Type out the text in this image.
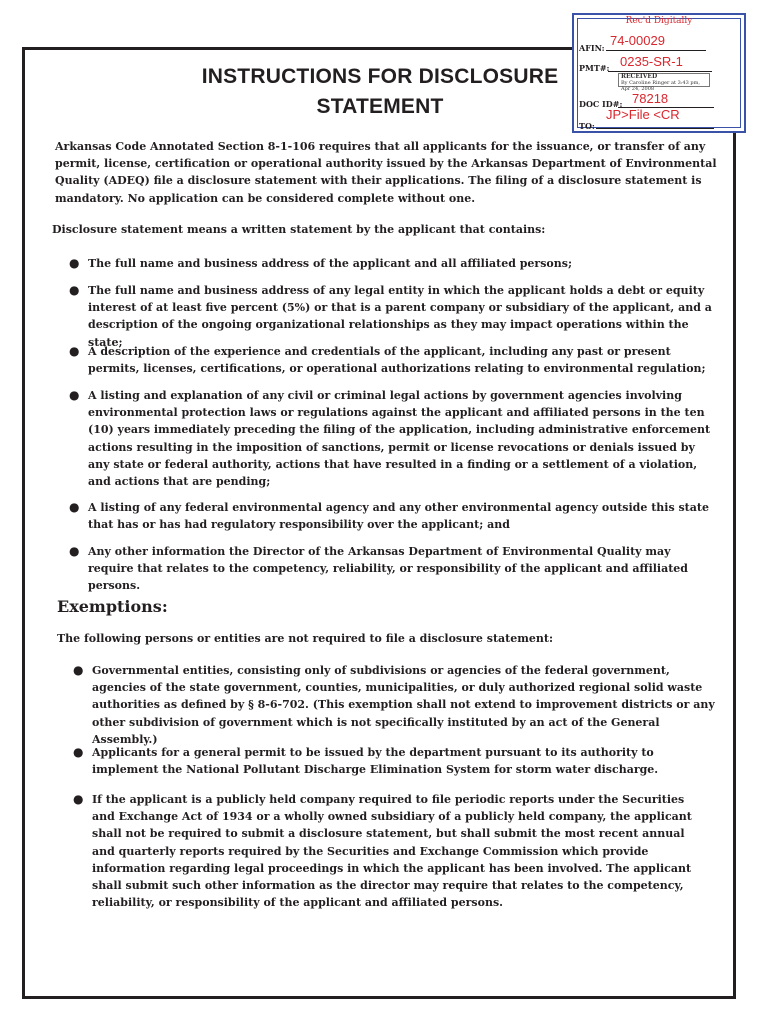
INSTRUCTIONS FOR DISCLOSURE
STATEMENT
Rec'd Digitally
AFIN: 74-00029
PMT#: 0235-SR-1
RECEIVED
By Caroline Ringer at 3:43 pm, Apr 24, 2008
DOC ID#: 78218
JP>File <CR
TO:
Arkansas Code Annotated Section 8-1-106 requires that all applicants for the issuance, or transfer of any permit, license, certification or operational authority issued by the Arkansas Department of Environmental Quality (ADEQ) file a disclosure statement with their applications. The filing of a disclosure statement is mandatory. No application can be considered complete without one.
Disclosure statement means a written statement by the applicant that contains:
● The full name and business address of the applicant and all affiliated persons;
● The full name and business address of any legal entity in which the applicant holds a debt or equity interest of at least five percent (5%) or that is a parent company or subsidiary of the applicant, and a description of the ongoing organizational relationships as they may impact operations within the state;
● A description of the experience and credentials of the applicant, including any past or present permits, licenses, certifications, or operational authorizations relating to environmental regulation;
● A listing and explanation of any civil or criminal legal actions by government agencies involving environmental protection laws or regulations against the applicant and affiliated persons in the ten (10) years immediately preceding the filing of the application, including administrative enforcement actions resulting in the imposition of sanctions, permit or license revocations or denials issued by any state or federal authority, actions that have resulted in a finding or a settlement of a violation, and actions that are pending;
● A listing of any federal environmental agency and any other environmental agency outside this state that has or has had regulatory responsibility over the applicant; and
● Any other information the Director of the Arkansas Department of Environmental Quality may require that relates to the competency, reliability, or responsibility of the applicant and affiliated persons.
Exemptions:
The following persons or entities are not required to file a disclosure statement:
● Governmental entities, consisting only of subdivisions or agencies of the federal government, agencies of the state government, counties, municipalities, or duly authorized regional solid waste authorities as defined by § 8-6-702. (This exemption shall not extend to improvement districts or any other subdivision of government which is not specifically instituted by an act of the General Assembly.)
● Applicants for a general permit to be issued by the department pursuant to its authority to implement the National Pollutant Discharge Elimination System for storm water discharge.
● If the applicant is a publicly held company required to file periodic reports under the Securities and Exchange Act of 1934 or a wholly owned subsidiary of a publicly held company, the applicant shall not be required to submit a disclosure statement, but shall submit the most recent annual and quarterly reports required by the Securities and Exchange Commission which provide information regarding legal proceedings in which the applicant has been involved. The applicant shall submit such other information as the director may require that relates to the competency, reliability, or responsibility of the applicant and affiliated persons.
